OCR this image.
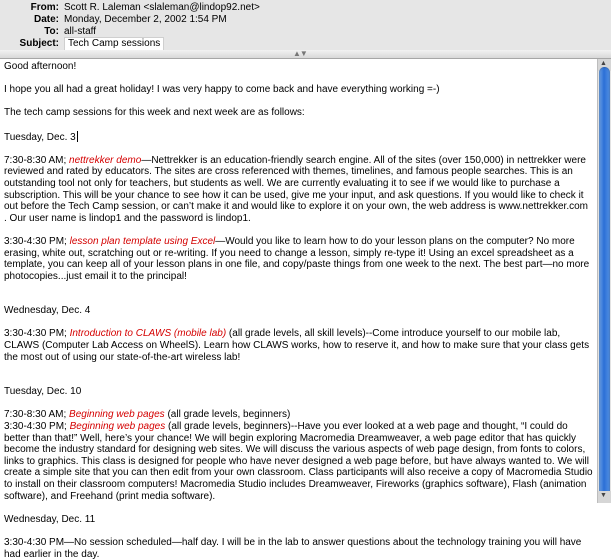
From: Scott R. Laleman <slaleman@lindop92.net>
Date: Monday, December 2, 2002 1:54 PM
To: all-staff
Subject: Tech Camp sessions
▲▼

Good afternoon!

I hope you all had a great holiday! I was very happy to come back and have everything working =-)

The tech camp sessions for this week and next week are as follows:

Tuesday, Dec. 3

7:30-8:30 AM; nettrekker demo—Nettrekker is an education-friendly search engine. All of the sites (over 150,000) in nettrekker were reviewed and rated by educators. The sites are cross referenced with themes, timelines, and famous people searches. This is an outstanding tool not only for teachers, but students as well. We are currently evaluating it to see if we would like to purchase a subscription. This will be your chance to see how it can be used, give me your input, and ask questions. If you would like to check it out before the Tech Camp session, or can’t make it and would like to explore it on your own, the web address is www.nettrekker.com . Our user name is lindop1 and the password is lindop1.

3:30-4:30 PM; lesson plan template using Excel—Would you like to learn how to do your lesson plans on the computer? No more erasing, white out, scratching out or re-writing. If you need to change a lesson, simply re-type it! Using an excel spreadsheet as a template, you can keep all of your lesson plans in one file, and copy/paste things from one week to the next. The best part—no more photocopies...just email it to the principal!

Wednesday, Dec. 4

3:30-4:30 PM; Introduction to CLAWS (mobile lab) (all grade levels, all skill levels)--Come introduce yourself to our mobile lab, CLAWS (Computer Lab Access on WheelS). Learn how CLAWS works, how to reserve it, and how to make sure that your class gets the most out of using our state-of-the-art wireless lab!

Tuesday, Dec. 10

7:30-8:30 AM; Beginning web pages (all grade levels, beginners)

3:30-4:30 PM; Beginning web pages (all grade levels, beginners)--Have you ever looked at a web page and thought, “I could do better than that!” Well, here’s your chance! We will begin exploring Macromedia Dreamweaver, a web page editor that has quickly become the industry standard for designing web sites. We will discuss the various aspects of web page design, from fonts to colors, links to graphics. This class is designed for people who have never designed a web page before, but have always wanted to. We will create a simple site that you can then edit from your own classroom. Class participants will also receive a copy of Macromedia Studio to install on their classroom computers! Macromedia Studio includes Dreamweaver, Fireworks (graphics software), Flash (animation software), and Freehand (print media software).

Wednesday, Dec. 11

3:30-4:30 PM—No session scheduled—half day. I will be in the lab to answer questions about the technology training you will have had earlier in the day.

▲
▼
